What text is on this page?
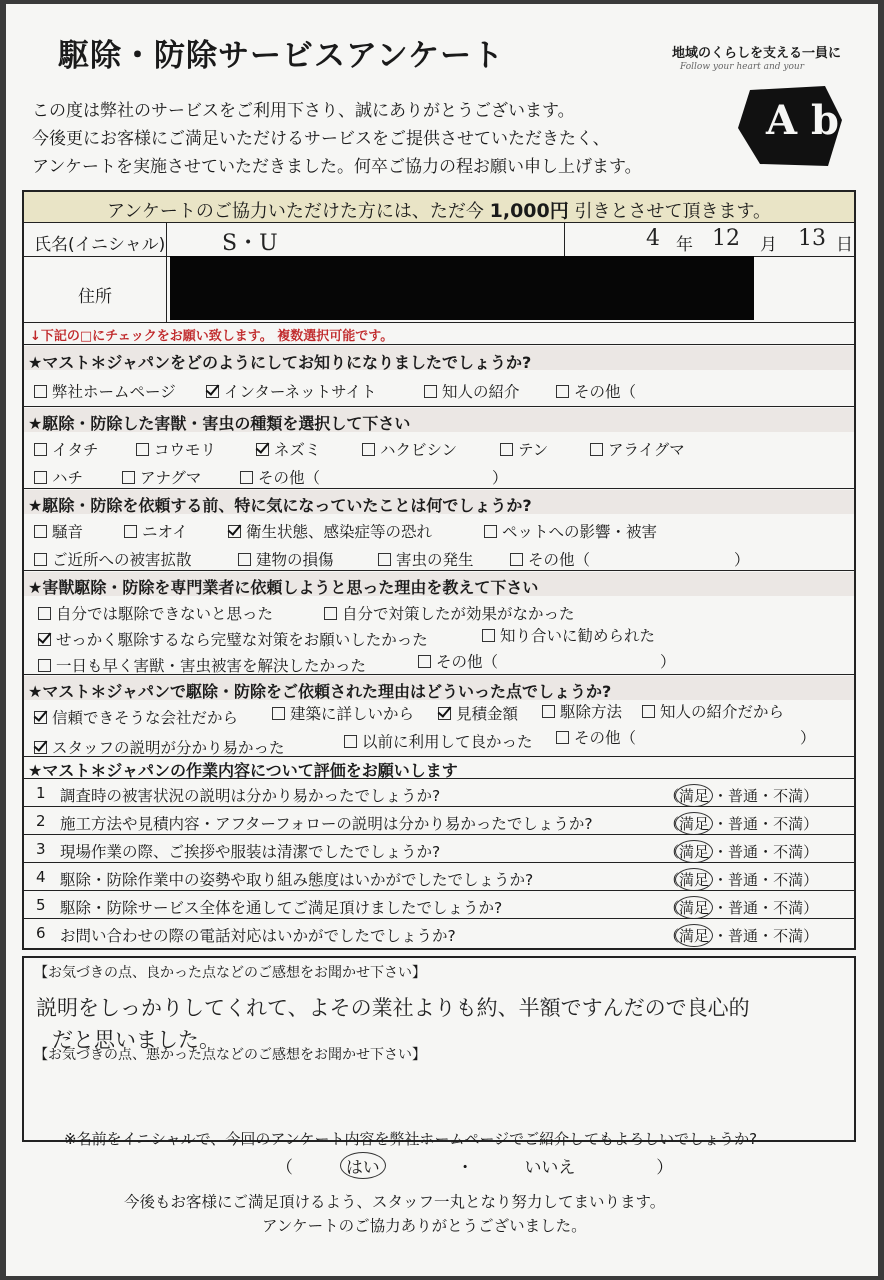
駆除・防除サービスアンケート
この度は弊社のサービスをご利用下さり、誠にありがとうございます。
今後更にお客様にご満足いただけるサービスをご提供させていただきたく、
アンケートを実施させていただきました。何卒ご協力の程お願い申し上げます。
地域のくらしを支える一員に
Follow your heart and your
A b
アンケートのご協力いただけた方には、ただ今 1,000円 引きとさせて頂きます。
氏名(イニシャル)	S・U	4 年 12 月 13 日
住所
↓下記の□にチェックをお願い致します。 複数選択可能です。
★マスト＊ジャパンをどのようにしてお知りになりましたでしょうか?
弊社ホームページ	インターネットサイト	知人の紹介	その他（
★駆除・防除した害獣・害虫の種類を選択して下さい
イタチ	コウモリ	ネズミ	ハクビシン	テン	アライグマ
ハチ	アナグマ	その他（	）
★駆除・防除を依頼する前、特に気になっていたことは何でしょうか?
騒音	ニオイ	衛生状態、感染症等の恐れ	ペットへの影響・被害
ご近所への被害拡散	建物の損傷	害虫の発生	その他（	）
★害獣駆除・防除を専門業者に依頼しようと思った理由を教えて下さい
自分では駆除できないと思った	自分で対策したが効果がなかった
せっかく駆除するなら完璧な対策をお願いしたかった	知り合いに勧められた
一日も早く害獣・害虫被害を解決したかった	その他（	）
★マスト＊ジャパンで駆除・防除をご依頼された理由はどういった点でしょうか?
信頼できそうな会社だから	建築に詳しいから	見積金額	駆除方法	知人の紹介だから
スタッフの説明が分かり易かった	以前に利用して良かった	その他（	）
★マスト＊ジャパンの作業内容について評価をお願いします
1 調査時の被害状況の説明は分かり易かったでしょうか?	（満足 ・普通・不満）
2 施工方法や見積内容・アフターフォローの説明は分かり易かったでしょうか?	（満足 ・普通・不満）
3 現場作業の際、ご挨拶や服装は清潔でしたでしょうか?	（満足 ・普通・不満）
4 駆除・防除作業中の姿勢や取り組み態度はいかがでしたでしょうか?	（満足 ・普通・不満）
5 駆除・防除サービス全体を通してご満足頂けましたでしょうか?	（満足 ・普通・不満）
6 お問い合わせの際の電話対応はいかがでしたでしょうか?	（満足 ・普通・不満）
【お気づきの点、良かった点などのご感想をお聞かせ下さい】
説明をしっかりしてくれて、よその業社よりも約、半額ですんだので良心的
だと思いました。
【お気づきの点、悪かった点などのご感想をお聞かせ下さい】
※名前をイニシャルで、今回のアンケート内容を弊社ホームページでご紹介してもよろしいでしょうか?
（	はい	・	いいえ	）
今後もお客様にご満足頂けるよう、スタッフ一丸となり努力してまいります。
アンケートのご協力ありがとうございました。
